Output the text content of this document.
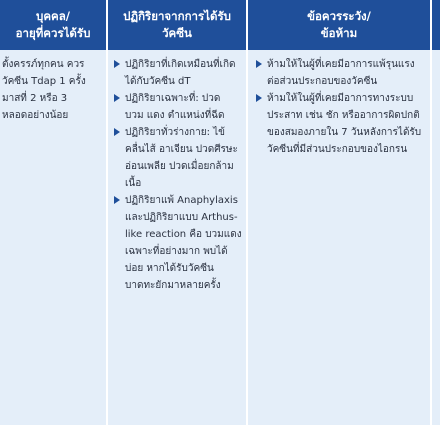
บุคคล/
อายุที่ควรได้รับ
ปฏิกิริยาจากการได้รับ
วัคซีน
ข้อควรระวัง/
ข้อห้าม

ตั้งครรภ์ทุกคน ควร
วัคซีน Tdap 1 ครั้ง
มาสที่ 2 หรือ 3
หลอดอย่างน้อย

ปฏิกิริยาที่เกิดเหมือนที่เกิดได้กับวัคซีน dT
ปฏิกิริยาเฉพาะที่: ปวด บวม แดง ตำแหน่งที่ฉีด
ปฏิกิริยาทั่วร่างกาย: ไข้ คลื่นไส้ อาเจียน ปวดศีรษะ อ่อนเพลีย ปวดเมื่อยกล้ามเนื้อ
ปฏิกิริยาแพ้ Anaphylaxis และปฏิกิริยาแบบ Arthus-like reaction คือ บวมแดงเฉพาะที่อย่างมาก พบได้บ่อย หากได้รับวัคซีนบาดทะยักมาหลายครั้ง
ห้ามให้ในผู้ที่เคยมีอาการแพ้รุนแรงต่อส่วนประกอบของวัคซีน
ห้ามให้ในผู้ที่เคยมีอาการทางระบบประสาท เช่น ชัก หรืออาการผิดปกติของสมองภายใน 7 วันหลังการได้รับวัคซีนที่มีส่วนประกอบของไอกรน
